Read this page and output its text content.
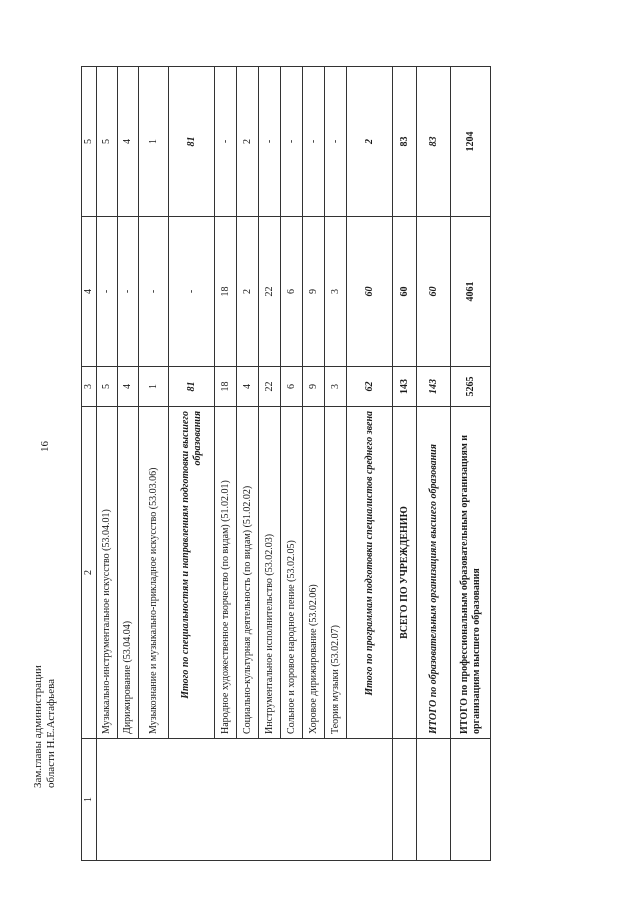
16
1	2	3	4	5
	Музыкально-инструментальное искусство (53.04.01)	5	-	5
	Дирижирование (53.04.04)	4	-	4
	Музыкознание и музыкально-прикладное искусство (53.03.06)	1	-	1
	Итого по специальностям и направлениям подготовки высшего образования	81	-	81
	Народное художественное творчество (по видам) (51.02.01)	18	18	-
	Социально-культурная деятельность (по видам) (51.02.02)	4	2	2
	Инструментальное исполнительство (53.02.03)	22	22	-
	Сольное и хоровое народное пение (53.02.05)	6	6	-
	Хоровое дирижирование (53.02.06)	9	9	-
	Теория музыки (53.02.07)	3	3	-
	Итого по программам подготовки специалистов среднего звена	62	60	2
	ВСЕГО ПО УЧРЕЖДЕНИЮ	143	60	83
	ИТОГО по образовательным организациям высшего образования	143	60	83
	ИТОГО по профессиональным образовательным организациям и организациям высшего образования	5265	4061	1204
Зам.главы администрации области Н.Е.Астафьева
